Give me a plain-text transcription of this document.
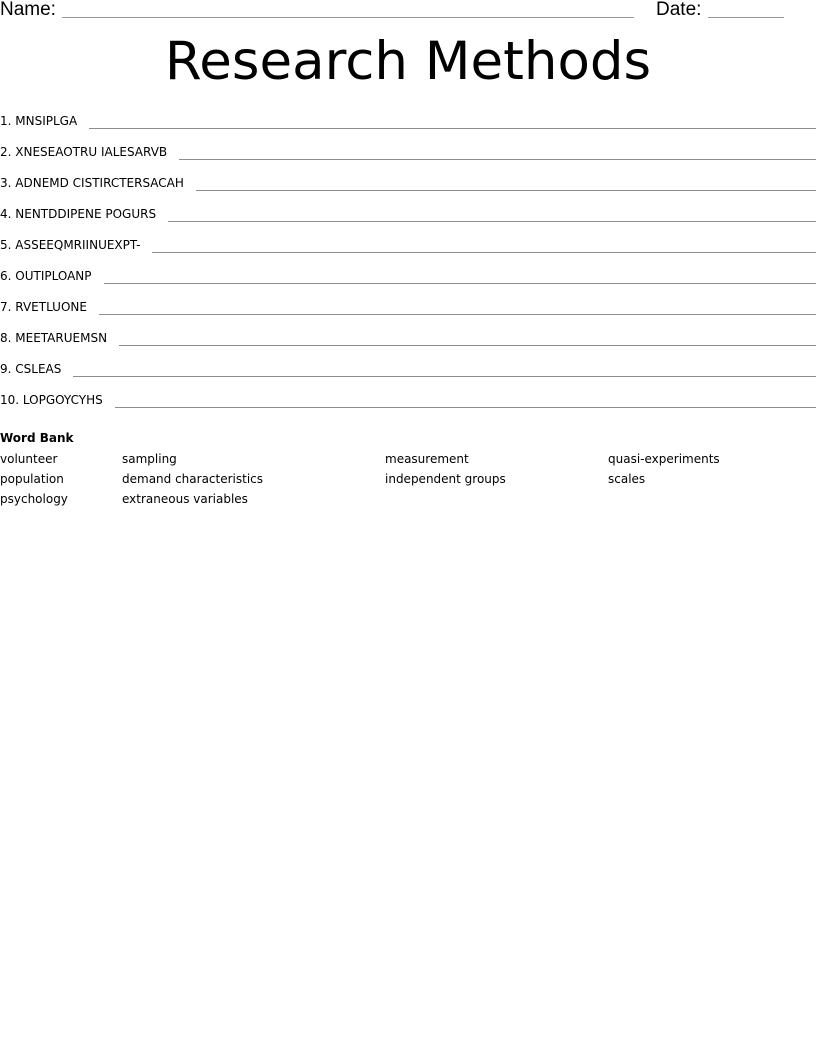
Name:	Date:
Research Methods
1. MNSIPLGA
2. XNESEAOTRU IALESARVB
3. ADNEMD CISTIRCTERSACAH
4. NENTDDIPENE POGURS
5. ASSEEQMRIINUEXPT-
6. OUTIPLOANP
7. RVETLUONE
8. MEETARUEMSN
9. CSLEAS
10. LOPGOYCYHS
Word Bank
volunteer
population
psychology
sampling
demand characteristics
extraneous variables
measurement
independent groups
quasi-experiments
scales
